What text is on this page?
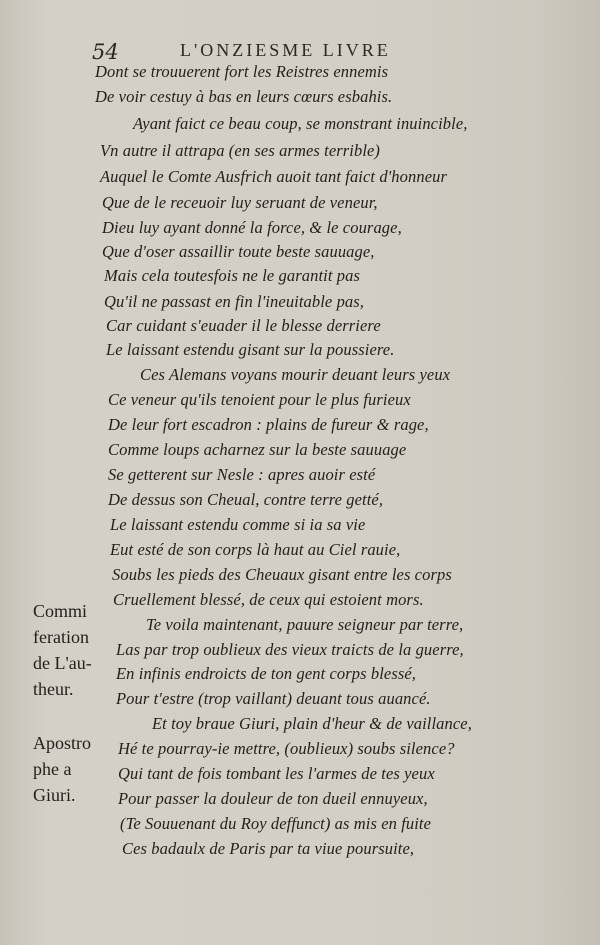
54	L'ONZIESME LIVRE
Dont se trouuerent fort les Reistres ennemis
De voir cestuy à bas en leurs cœurs esbahis.
Ayant faict ce beau coup, se monstrant inuincible,
Vn autre il attrapa (en ses armes terrible)
Auquel le Comte Ausfrich auoit tant faict d'honneur
Que de le receuoir luy seruant de veneur,
Dieu luy ayant donné la force, & le courage,
Que d'oser assaillir toute beste sauuage,
Mais cela toutesfois ne le garantit pas
Qu'il ne passast en fin l'ineuitable pas,
Car cuidant s'euader il le blesse derriere
Le laissant estendu gisant sur la poussiere.
Ces Alemans voyans mourir deuant leurs yeux
Ce veneur qu'ils tenoient pour le plus furieux
De leur fort escadron : plains de fureur & rage,
Comme loups acharnez sur la beste sauuage
Se getterent sur Nesle : apres auoir esté
De dessus son Cheual, contre terre getté,
Le laissant estendu comme si ia sa vie
Eut esté de son corps là haut au Ciel rauie,
Soubs les pieds des Cheuaux gisant entre les corps
Cruellement blessé, de ceux qui estoient mors.
Te voila maintenant, pauure seigneur par terre,
Las par trop oublieux des vieux traicts de la guerre,
En infinis endroicts de ton gent corps blessé,
Pour t'estre (trop vaillant) deuant tous auancé.
Et toy braue Giuri, plain d'heur & de vaillance,
Hé te pourray-ie mettre, (oublieux) soubs silence?
Qui tant de fois tombant les l'armes de tes yeux
Pour passer la douleur de ton dueil ennuyeux,
(Te Souuenant du Roy deffunct) as mis en fuite
Ces badaulx de Paris par ta viue poursuite,
Commi
feration
de L'au-
theur.
Apostro
phe a
Giuri.
